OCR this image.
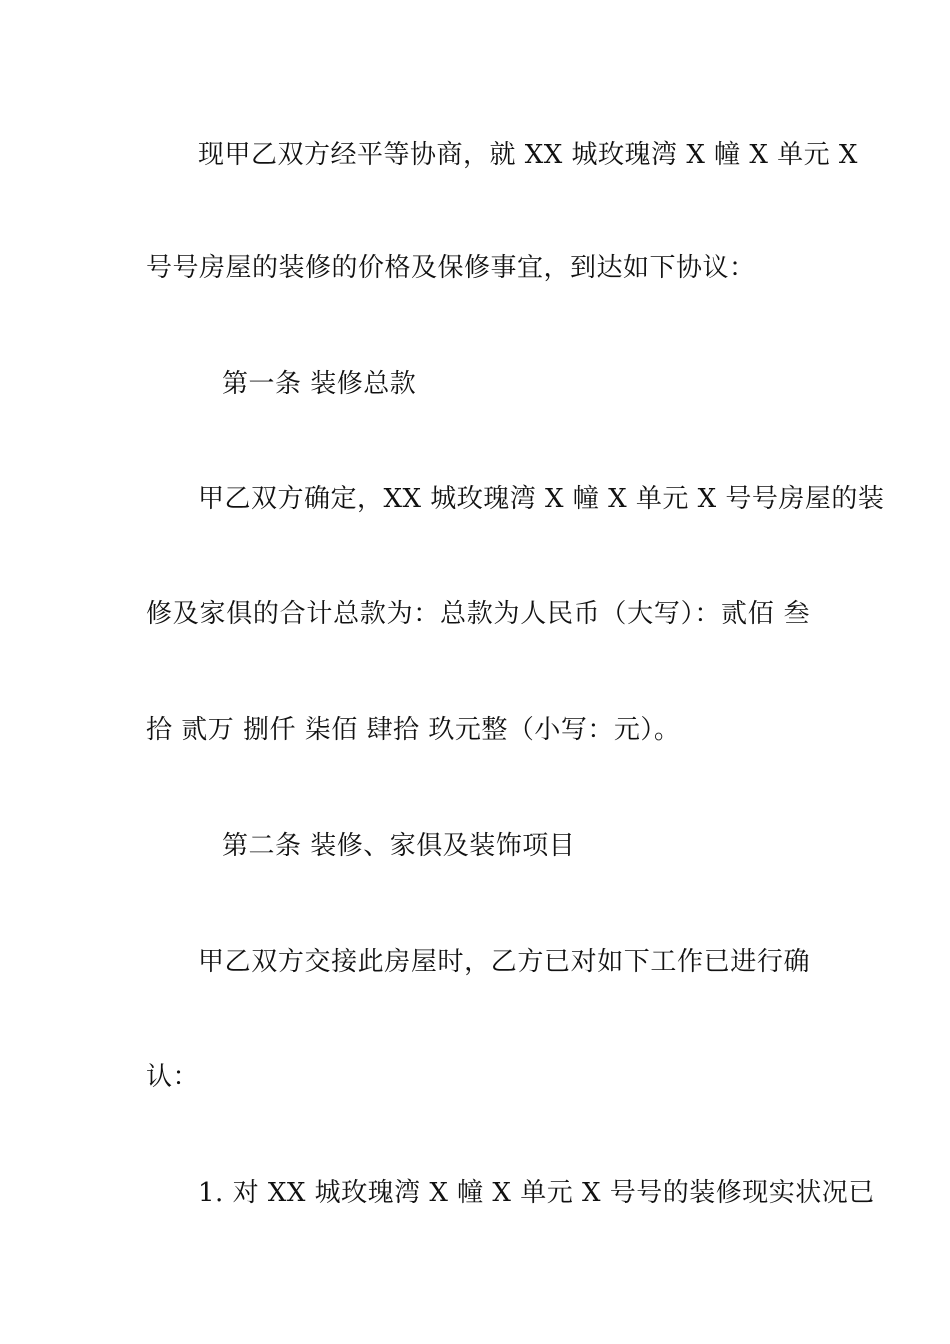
现甲乙双方经平等协商，就 XX 城玫瑰湾 X 幢 X 单元 X
号号房屋的装修的价格及保修事宜，到达如下协议：
第一条 装修总款
甲乙双方确定，XX 城玫瑰湾 X 幢 X 单元 X 号号房屋的装
修及家俱的合计总款为：总款为人民币（大写）：贰佰 叁
拾 贰万 捌仟 柒佰 肆拾 玖元整（小写：元）。
第二条 装修、家俱及装饰项目
甲乙双方交接此房屋时，乙方已对如下工作已进行确
认：
1. 对 XX 城玫瑰湾 X 幢 X 单元 X 号号的装修现实状况已
